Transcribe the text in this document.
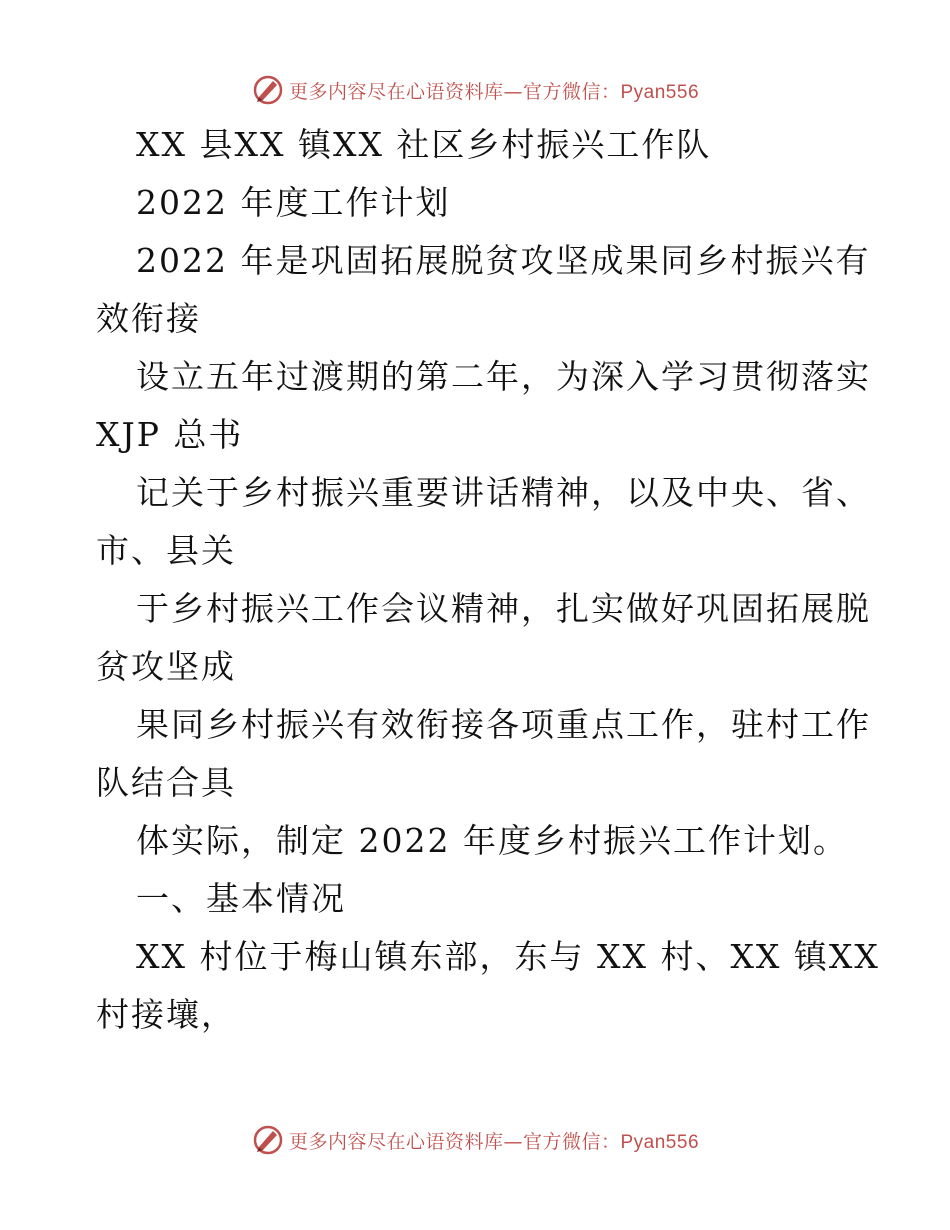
更多内容尽在心语资料库—官方微信：Pyan556
XX 县XX 镇XX 社区乡村振兴工作队
2022 年度工作计划
2022 年是巩固拓展脱贫攻坚成果同乡村振兴有
效衔接
设立五年过渡期的第二年，为深入学习贯彻落实
XJP 总书
记关于乡村振兴重要讲话精神，以及中央、省、
市、县关
于乡村振兴工作会议精神，扎实做好巩固拓展脱
贫攻坚成
果同乡村振兴有效衔接各项重点工作，驻村工作
队结合具
体实际，制定 2022 年度乡村振兴工作计划。
一、基本情况
XX 村位于梅山镇东部，东与 XX 村、XX 镇XX
村接壤，
更多内容尽在心语资料库—官方微信：Pyan556
